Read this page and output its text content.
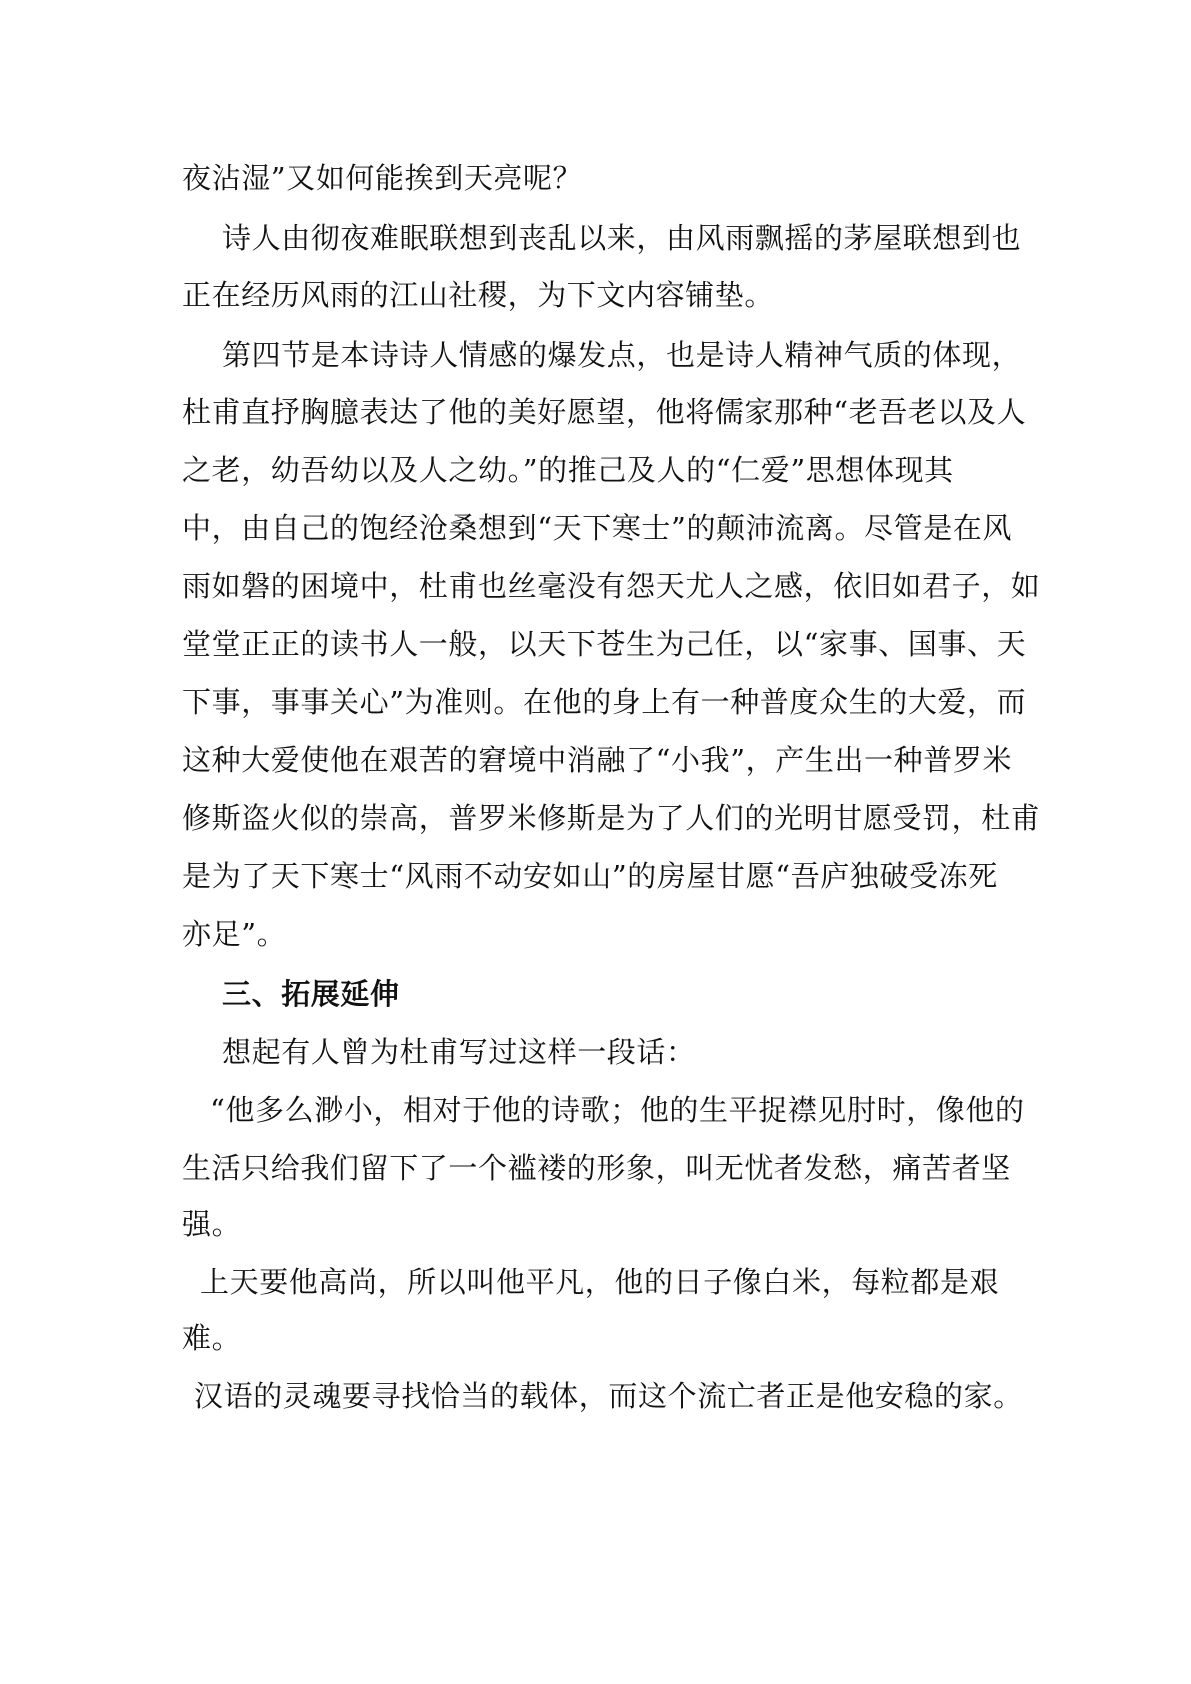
夜沾湿”又如何能挨到天亮呢？
诗人由彻夜难眠联想到丧乱以来，由风雨飘摇的茅屋联想到也
正在经历风雨的江山社稷，为下文内容铺垫。
第四节是本诗诗人情感的爆发点，也是诗人精神气质的体现，
杜甫直抒胸臆表达了他的美好愿望，他将儒家那种“老吾老以及人
之老，幼吾幼以及人之幼。”的推己及人的“仁爱”思想体现其
中，由自己的饱经沧桑想到“天下寒士”的颠沛流离。尽管是在风
雨如磐的困境中，杜甫也丝毫没有怨天尤人之感，依旧如君子，如
堂堂正正的读书人一般，以天下苍生为己任，以“家事、国事、天
下事，事事关心”为准则。在他的身上有一种普度众生的大爱，而
这种大爱使他在艰苦的窘境中消融了“小我”，产生出一种普罗米
修斯盗火似的崇高，普罗米修斯是为了人们的光明甘愿受罚，杜甫
是为了天下寒士“风雨不动安如山”的房屋甘愿“吾庐独破受冻死
亦足”。
三、拓展延伸
想起有人曾为杜甫写过这样一段话：
“他多么渺小，相对于他的诗歌；他的生平捉襟见肘时，像他的
生活只给我们留下了一个褴褛的形象，叫无忧者发愁，痛苦者坚
强。
上天要他高尚，所以叫他平凡，他的日子像白米，每粒都是艰
难。
汉语的灵魂要寻找恰当的载体，而这个流亡者正是他安稳的家。
